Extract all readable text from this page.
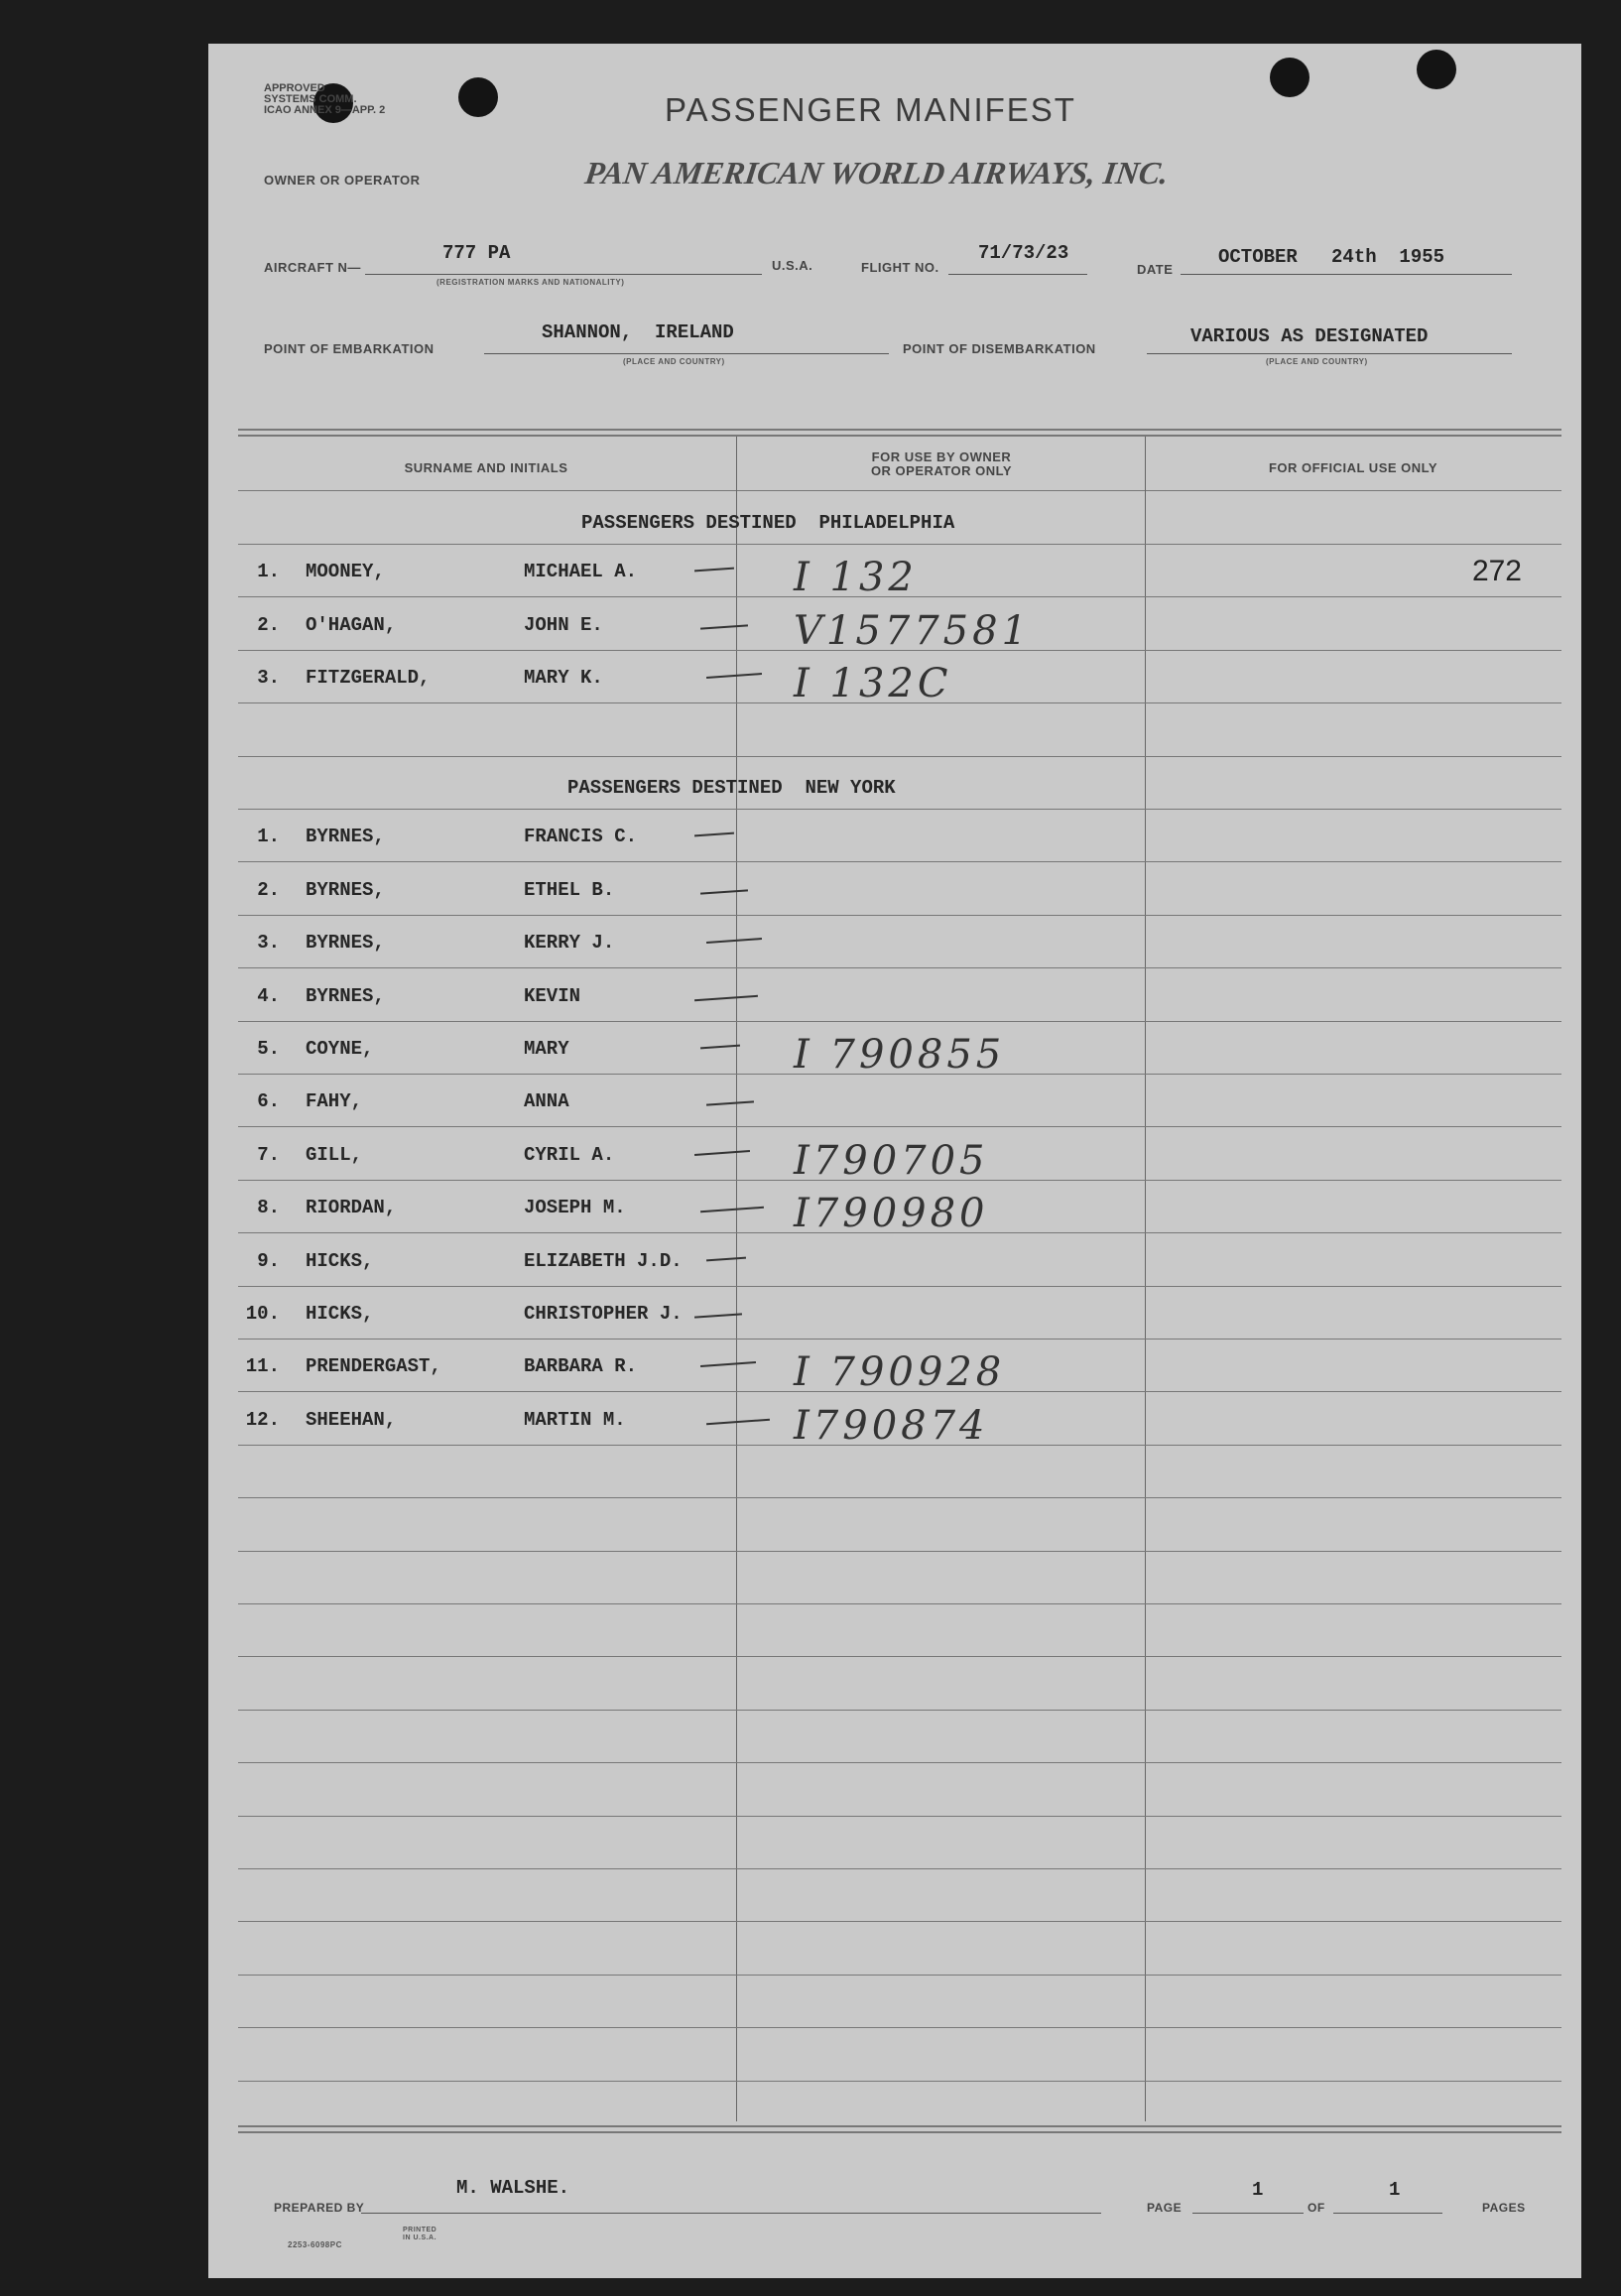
APPROVED
SYSTEMS COMM.
ICAO ANNEX 9—APP. 2	PASSENGER MANIFEST
OWNER OR OPERATOR	PAN AMERICAN WORLD AIRWAYS, INC.
AIRCRAFT N—
777 PA
(REGISTRATION MARKS AND NATIONALITY)
U.S.A.	FLIGHT NO.
71/73/23
DATE
OCTOBER   24th  1955
POINT OF EMBARKATION
SHANNON,  IRELAND
(PLACE AND COUNTRY)
POINT OF DISEMBARKATION
VARIOUS AS DESIGNATED
(PLACE AND COUNTRY)
SURNAME AND INITIALS
FOR USE BY OWNER
OR OPERATOR ONLY	FOR OFFICIAL USE ONLY
PASSENGERS DESTINED  PHILADELPHIA
1. MOONEY,	MICHAEL A.	I 132	272
2. O'HAGAN,	JOHN E.	V1577581
3. FITZGERALD,	MARY K.	I 132C
PASSENGERS DESTINED  NEW YORK
1. BYRNES,	FRANCIS C.
2. BYRNES,	ETHEL B.
3. BYRNES,	KERRY J.
4. BYRNES,	KEVIN
5. COYNE,	MARY	I 790855
6. FAHY,	ANNA
7. GILL,	CYRIL A.	I790705
8. RIORDAN,	JOSEPH M.	I790980
9. HICKS,	ELIZABETH J.D.
10. HICKS,	CHRISTOPHER J.
11. PRENDERGAST,	BARBARA R.	I 790928
12. SHEEHAN,	MARTIN M.	I790874
PREPARED BY
M. WALSHE.
PAGE
1
OF
1
PAGES
2253-6098PC
PRINTED IN U.S.A.
